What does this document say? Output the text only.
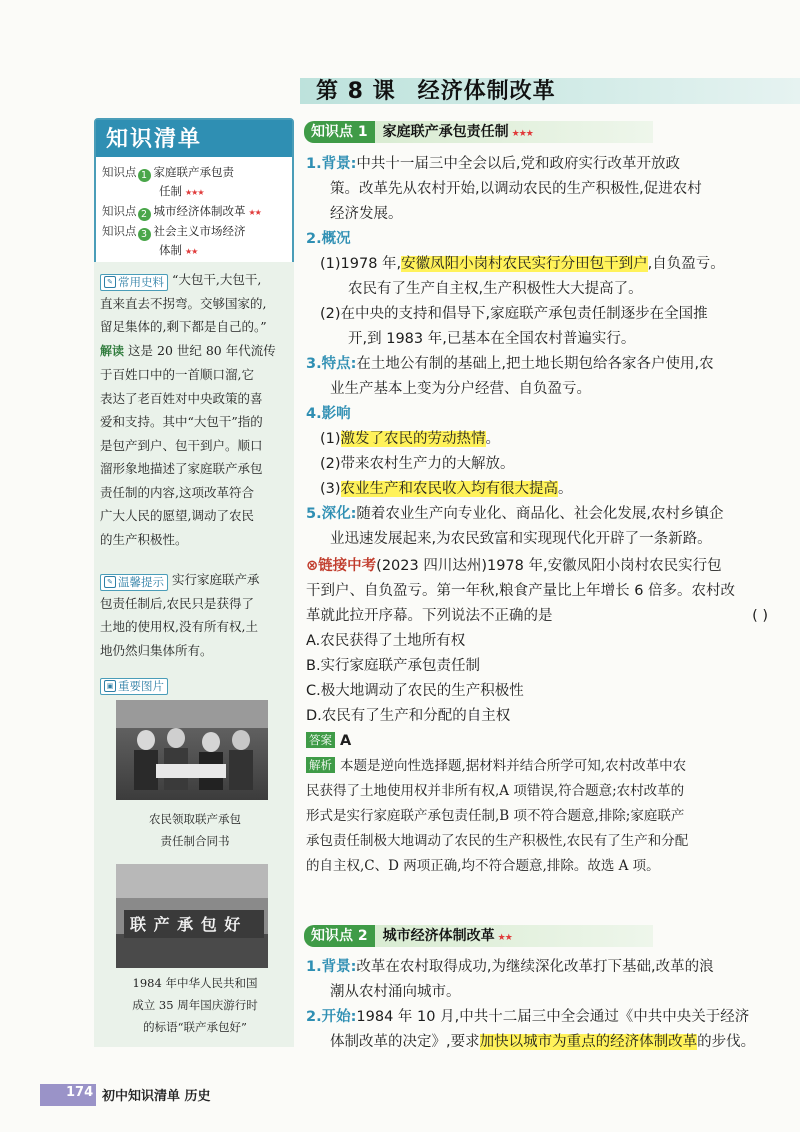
第 8 课 经济体制改革
知识清单
知识点 1 家庭联产承包责
任制 ★★★
知识点 2 城市经济体制改革 ★★
知识点 3 社会主义市场经济
体制 ★★
✎ 常用史料 “大包干,大包干,
直来直去不拐弯。交够国家的,
留足集体的,剩下都是自己的。”
解读 这是 20 世纪 80 年代流传
于百姓口中的一首顺口溜,它
表达了老百姓对中央政策的喜
爱和支持。其中“大包干”指的
是包产到户、包干到户。顺口
溜形象地描述了家庭联产承包
责任制的内容,这项改革符合
广大人民的愿望,调动了农民
的生产积极性。
✎ 温馨提示 实行家庭联产承
包责任制后,农民只是获得了
土地的使用权,没有所有权,土
地仍然归集体所有。
▣ 重要图片
农民领取联产承包
责任制合同书
联 产 承 包 好
1984 年中华人民共和国
成立 35 周年国庆游行时
的标语“联产承包好”
知识点 1	家庭联产承包责任制 ★★★
1.背景:中共十一届三中全会以后,党和政府实行改革开放政
策。改革先从农村开始,以调动农民的生产积极性,促进农村
经济发展。
2.概况
(1)1978 年,安徽凤阳小岗村农民实行分田包干到户,自负盈亏。
农民有了生产自主权,生产积极性大大提高了。
(2)在中央的支持和倡导下,家庭联产承包责任制逐步在全国推
开,到 1983 年,已基本在全国农村普遍实行。
3.特点:在土地公有制的基础上,把土地长期包给各家各户使用,农
业生产基本上变为分户经营、自负盈亏。
4.影响
(1)激发了农民的劳动热情。
(2)带来农村生产力的大解放。
(3)农业生产和农民收入均有很大提高。
5.深化:随着农业生产向专业化、商品化、社会化发展,农村乡镇企
业迅速发展起来,为农民致富和实现现代化开辟了一条新路。
⊗链接中考(2023 四川达州)1978 年,安徽凤阳小岗村农民实行包
干到户、自负盈亏。第一年秋,粮食产量比上年增长 6 倍多。农村改
革就此拉开序幕。下列说法不正确的是	( )
A.农民获得了土地所有权
B.实行家庭联产承包责任制
C.极大地调动了农民的生产积极性
D.农民有了生产和分配的自主权
答案 A
解析 本题是逆向性选择题,据材料并结合所学可知,农村改革中农
民获得了土地使用权并非所有权,A 项错误,符合题意;农村改革的
形式是实行家庭联产承包责任制,B 项不符合题意,排除;家庭联产
承包责任制极大地调动了农民的生产积极性,农民有了生产和分配
的自主权,C、D 两项正确,均不符合题意,排除。故选 A 项。
知识点 2	城市经济体制改革 ★★
1.背景:改革在农村取得成功,为继续深化改革打下基础,改革的浪
潮从农村涌向城市。
2.开始:1984 年 10 月,中共十二届三中全会通过《中共中央关于经济
体制改革的决定》,要求加快以城市为重点的经济体制改革的步伐。
174 初中知识清单 历史
